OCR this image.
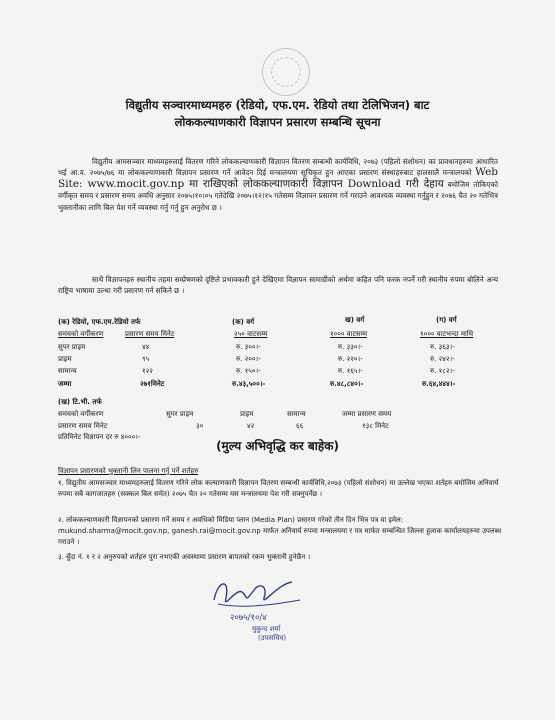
विद्युतीय सञ्चारमाध्यमहरु (रेडियो, एफ.एम. रेडियो तथा टेलिभिजन) बाट
लोककल्याणकारी विज्ञापन प्रसारण सम्बन्धि सूचना
विद्युतीय आमसञ्चार माध्यमहरुलाई वितरण गरिने लोककल्याणकारी विज्ञापन वितरण सम्बन्धी कार्यविधि, २०७३ (पहिलो संशोधन) का प्रावधानहरुमा आधारित भई आ.व. २०७५/७६ मा लोककल्याणकारी विज्ञापन प्रसारण गर्ने आवेदन दिई मन्त्रालयमा सूचिकृत हुन आएका प्रसारण संस्थाहरुबाट हालसालै मन्त्रालयको Web Site: www.mocit.gov.np मा राखिएको लोककल्याणकारी विज्ञापन Download गरी देहाय बमोजिम तोकिएको वर्गीकृत समय र प्रसारण समय अवधि अनुसार २०७५।१०।०५ गतेदेखि २०७५।१२।१५ गतेसम्म विज्ञापन प्रसारण गर्ने गराउने आवश्यक व्यवस्था गर्नुहुन र २०७६ चैत २० गतेभित्र भुक्तानीका लागि बिल पेश गर्ने व्यवस्था गर्नु गर्नु हुन अनुरोध छ ।
साथै विज्ञापनहरु स्थानीय तहमा सम्प्रेषणको दृष्टिले प्रभावकारी हुने देखिएमा विज्ञापन सामाग्रीको अर्थमा कहित पनि फरक नपर्ने गरी स्थानीय रुपमा बोलिने अन्य राष्ट्रिय भाषामा उल्था गरी प्रसारण गर्न सकिने छ ।
(क) रेडियो, एफ.एम.रेडियो तर्फ	(क) वर्ग	ख) वर्ग	(ग) वर्ग
समयको वर्गीकरण	प्रसारण समय मिनेट	२५० वाटसम्म	१००० वाटसम्म	१००० वाटभन्दा माथि
सुपर प्राइम	४४	रु. ३००।-	रु. ३३०।-	रु. ३६३।-
प्राइम	९५	रु. २००।-	रु. २२०।-	रु. २४२।-
सामान्य	१२२	रु. १५०।-	रु. १६५।-	रु. १८२।-
जम्मा	२७१मिनेट	रु.४३,५००।-	रु.४८,८४०।-	रु.६४,४४४।-
(ख) टि.भी. तर्फ
समयको वर्गीकरण	सुपर प्राइम	प्राइम	सामान्य	जम्मा प्रसारण समय
प्रसारण समय मिनेट	३०	४२	६६	१३८ मिनेट
प्रतिमिनेट विज्ञापन दर रु ४०००।-
(मुल्य अभिवृद्धि कर बाहेक)
विज्ञापन प्रसारणको भुक्तानी लिन पालना गर्नु पर्ने शर्तहरु
१. विद्युतीय आमसञ्चार माध्यमहरुलाई वितरण गरिने लोक कल्याणकारी विज्ञापन वितरण सम्बन्धी कार्यविधि,२०७३ (पहिलो संशोधन) मा उल्लेख भएका शर्तहरु बमोजिम अनिवार्य रुपमा सबै कागजातहरु (सक्कल बिल समेत) २०७५ चैत २० गतेसम्म यस मन्त्रालयमा पेश गरी सक्नुपर्नेछ ।
२. लोककल्याणकारी विज्ञापनको प्रसारण गर्ने समय र अवधिको मिडिया प्लान (Media Plan) प्रसारण गरेको तीन दिन भित्र पत्र वा इमेल: mukund.sharma@mocit.gov.np, ganesh.rai@mocit.gov.np मार्फत अनिवार्य रुपमा मन्त्रालयमा र पत्र मार्फत सम्बन्धित जिल्ला हुलाक कार्यालयहरुमा उपलब्ध गराउने ।
३. बुँदा नं. १ र २ अनुरुपको शर्तहरु पुरा नभएकी अवस्थामा प्रसारण बापतको रकम भुक्तानी हुनेछैन ।
२०७५/१०/४
मुकुन्द शर्मा
(उपसचिव)
